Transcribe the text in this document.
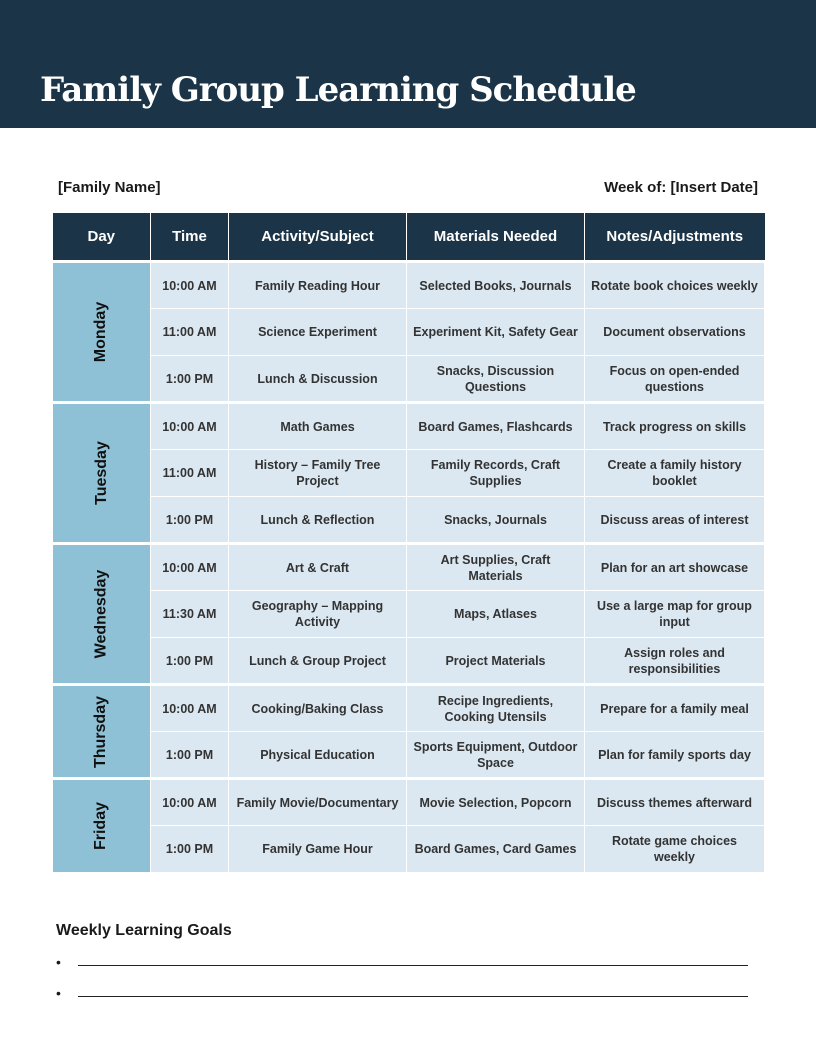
Family Group Learning Schedule
[Family Name]	Week of: [Insert Date]
Day	Time	Activity/Subject	Materials Needed	Notes/Adjustments
Monday	10:00 AM	Family Reading Hour	Selected Books, Journals	Rotate book choices weekly
	11:00 AM	Science Experiment	Experiment Kit, Safety Gear	Document observations
	1:00 PM	Lunch & Discussion	Snacks, Discussion Questions	Focus on open-ended questions
Tuesday	10:00 AM	Math Games	Board Games, Flashcards	Track progress on skills
	11:00 AM	History – Family Tree Project	Family Records, Craft Supplies	Create a family history booklet
	1:00 PM	Lunch & Reflection	Snacks, Journals	Discuss areas of interest
Wednesday	10:00 AM	Art & Craft	Art Supplies, Craft Materials	Plan for an art showcase
	11:30 AM	Geography – Mapping Activity	Maps, Atlases	Use a large map for group input
	1:00 PM	Lunch & Group Project	Project Materials	Assign roles and responsibilities
Thursday	10:00 AM	Cooking/Baking Class	Recipe Ingredients, Cooking Utensils	Prepare for a family meal
	1:00 PM	Physical Education	Sports Equipment, Outdoor Space	Plan for family sports day
Friday	10:00 AM	Family Movie/Documentary	Movie Selection, Popcorn	Discuss themes afterward
	1:00 PM	Family Game Hour	Board Games, Card Games	Rotate game choices weekly
Weekly Learning Goals
•
•
